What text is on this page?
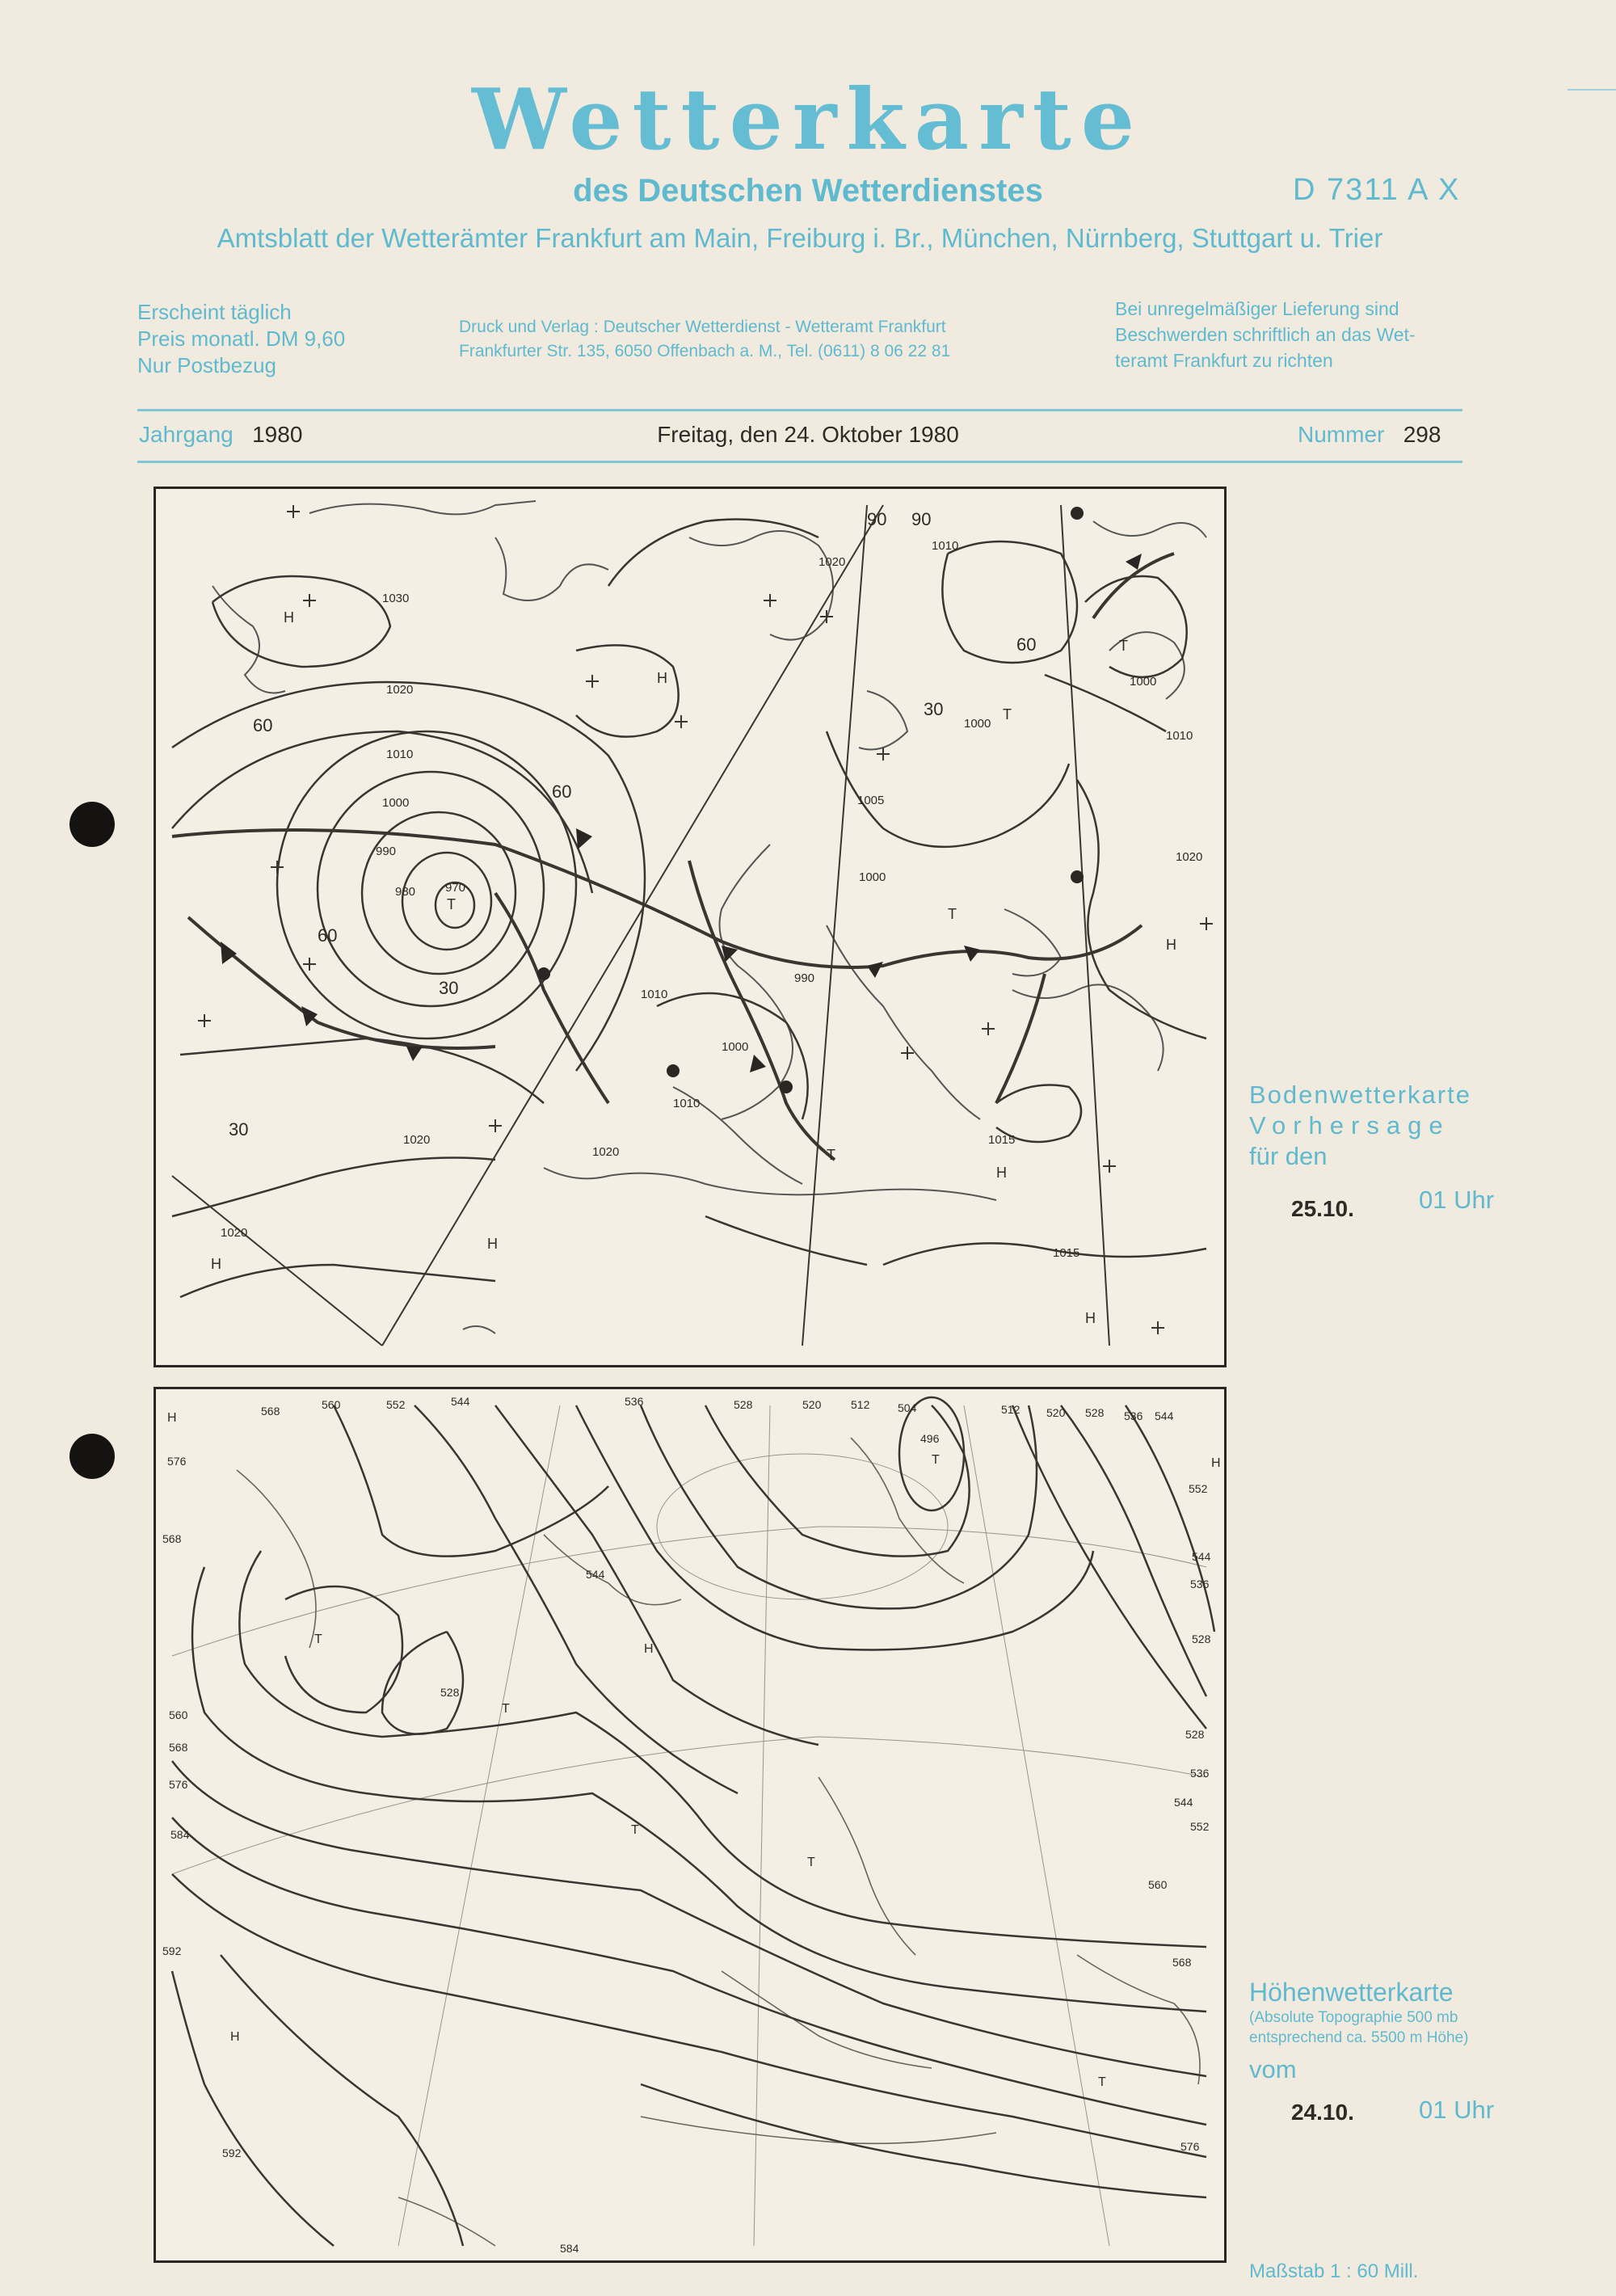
Wetterkarte
des Deutschen Wetterdienstes	D 7311 A X
Amtsblatt der Wetterämter Frankfurt am Main, Freiburg i. Br., München, Nürnberg, Stuttgart u. Trier
Erscheint täglich
Preis monatl. DM 9,60
Nur Postbezug
Druck und Verlag : Deutscher Wetterdienst - Wetteramt Frankfurt
Frankfurter Str. 135, 6050 Offenbach a. M., Tel. (0611) 8 06 22 81
Bei unregelmäßiger Lieferung sind
Beschwerden schriftlich an das Wet-
teramt Frankfurt zu richten
Jahrgang 1980	Freitag, den 24. Oktober 1980	Nummer 298
1030
1020
1010
1000
990
980 970
1020
1010
1000
990
1005
1000
1010
1020
1015
1015
1020
1020
1010
1000
1020
1010
1000
60
60
30
30
60
90 90
60
30
H
H
T
T
T
H
H
H
H
T
T
H
Bodenwetterkarte
Vorhersage
für den
25.10.	01 Uhr
568	560	552	544	536	528	520	512 504
496
512 520 528 536 544
576
568
560
568
576
584
592
552
544
536
528
528
536
544
552
560
568
576
544
528
592
584
H
T
T
H
T
T
H
T
H
T
Höhenwetterkarte
(Absolute Topographie 500 mb
entsprechend ca. 5500 m Höhe)
vom
24.10.	01 Uhr
Maßstab 1 : 60 Mill.
